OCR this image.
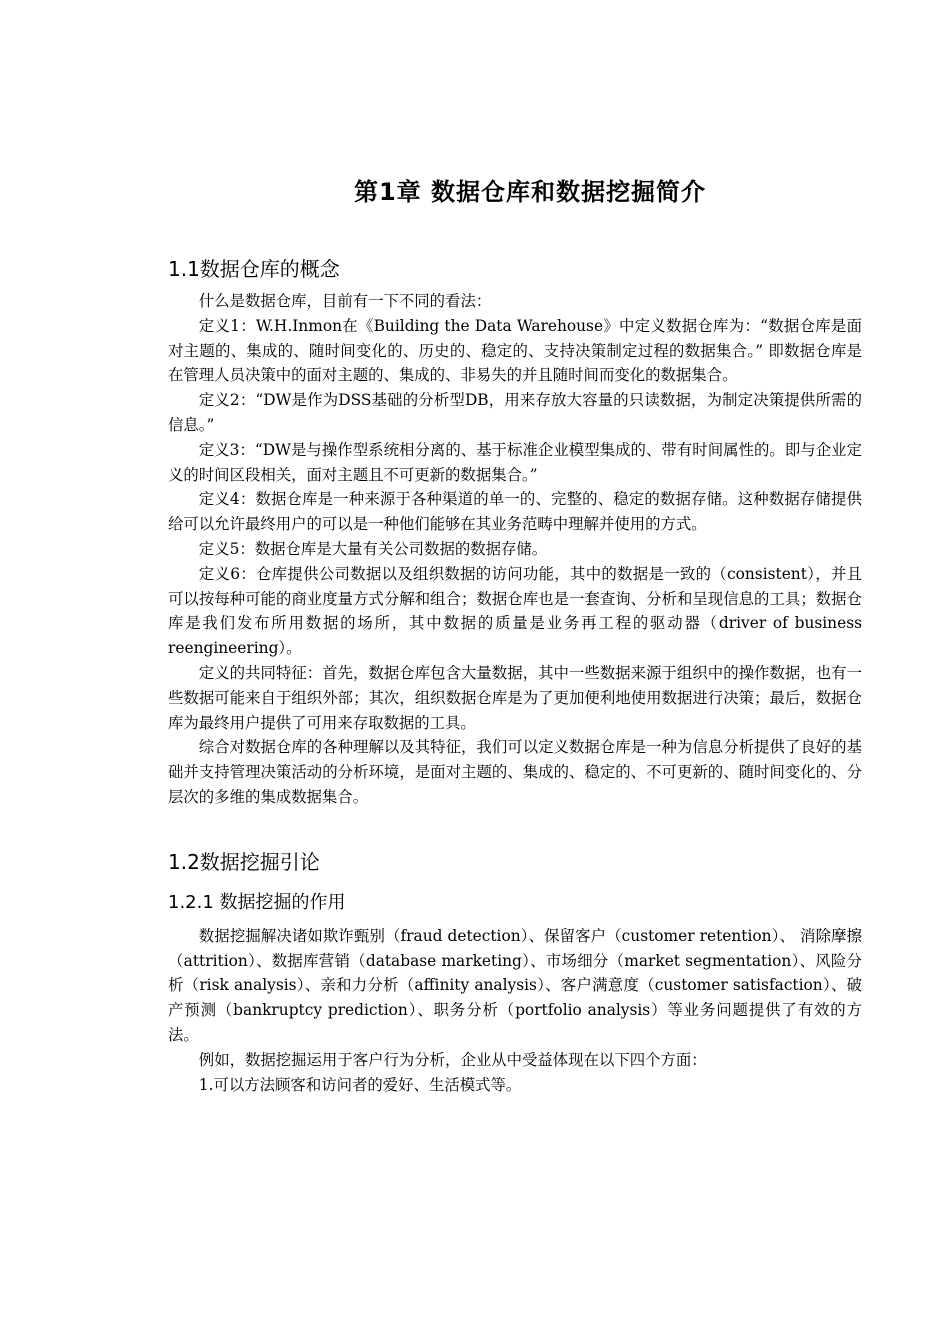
第1章 数据仓库和数据挖掘简介
1.1数据仓库的概念

什么是数据仓库，目前有一下不同的看法：

定义1：W.H.Inmon在《Building the Data Warehouse》中定义数据仓库为：“数据仓库是面对主题的、集成的、随时间变化的、历史的、稳定的、支持决策制定过程的数据集合。” 即数据仓库是在管理人员决策中的面对主题的、集成的、非易失的并且随时间而变化的数据集合。

定义2：“DW是作为DSS基础的分析型DB，用来存放大容量的只读数据，为制定决策提供所需的信息。”

定义3：“DW是与操作型系统相分离的、基于标准企业模型集成的、带有时间属性的。即与企业定义的时间区段相关，面对主题且不可更新的数据集合。”

定义4：数据仓库是一种来源于各种渠道的单一的、完整的、稳定的数据存储。这种数据存储提供给可以允许最终用户的可以是一种他们能够在其业务范畴中理解并使用的方式。

定义5：数据仓库是大量有关公司数据的数据存储。

定义6：仓库提供公司数据以及组织数据的访问功能，其中的数据是一致的（consistent），并且可以按每种可能的商业度量方式分解和组合；数据仓库也是一套查询、分析和呈现信息的工具；数据仓库是我们发布所用数据的场所，其中数据的质量是业务再工程的驱动器（driver of business reengineering）。

定义的共同特征：首先，数据仓库包含大量数据，其中一些数据来源于组织中的操作数据，也有一些数据可能来自于组织外部；其次，组织数据仓库是为了更加便利地使用数据进行决策；最后，数据仓库为最终用户提供了可用来存取数据的工具。

综合对数据仓库的各种理解以及其特征，我们可以定义数据仓库是一种为信息分析提供了良好的基础并支持管理决策活动的分析环境，是面对主题的、集成的、稳定的、不可更新的、随时间变化的、分层次的多维的集成数据集合。

1.2数据挖掘引论
1.2.1 数据挖掘的作用

数据挖掘解决诸如欺诈甄别（fraud detection）、保留客户（customer retention）、 消除摩擦（attrition）、数据库营销（database marketing）、市场细分（market segmentation）、风险分析（risk analysis）、亲和力分析（affinity analysis）、客户满意度（customer satisfaction）、破产预测（bankruptcy prediction）、职务分析（portfolio analysis）等业务问题提供了有效的方法。

例如，数据挖掘运用于客户行为分析，企业从中受益体现在以下四个方面：

1.可以方法顾客和访问者的爱好、生活模式等。
